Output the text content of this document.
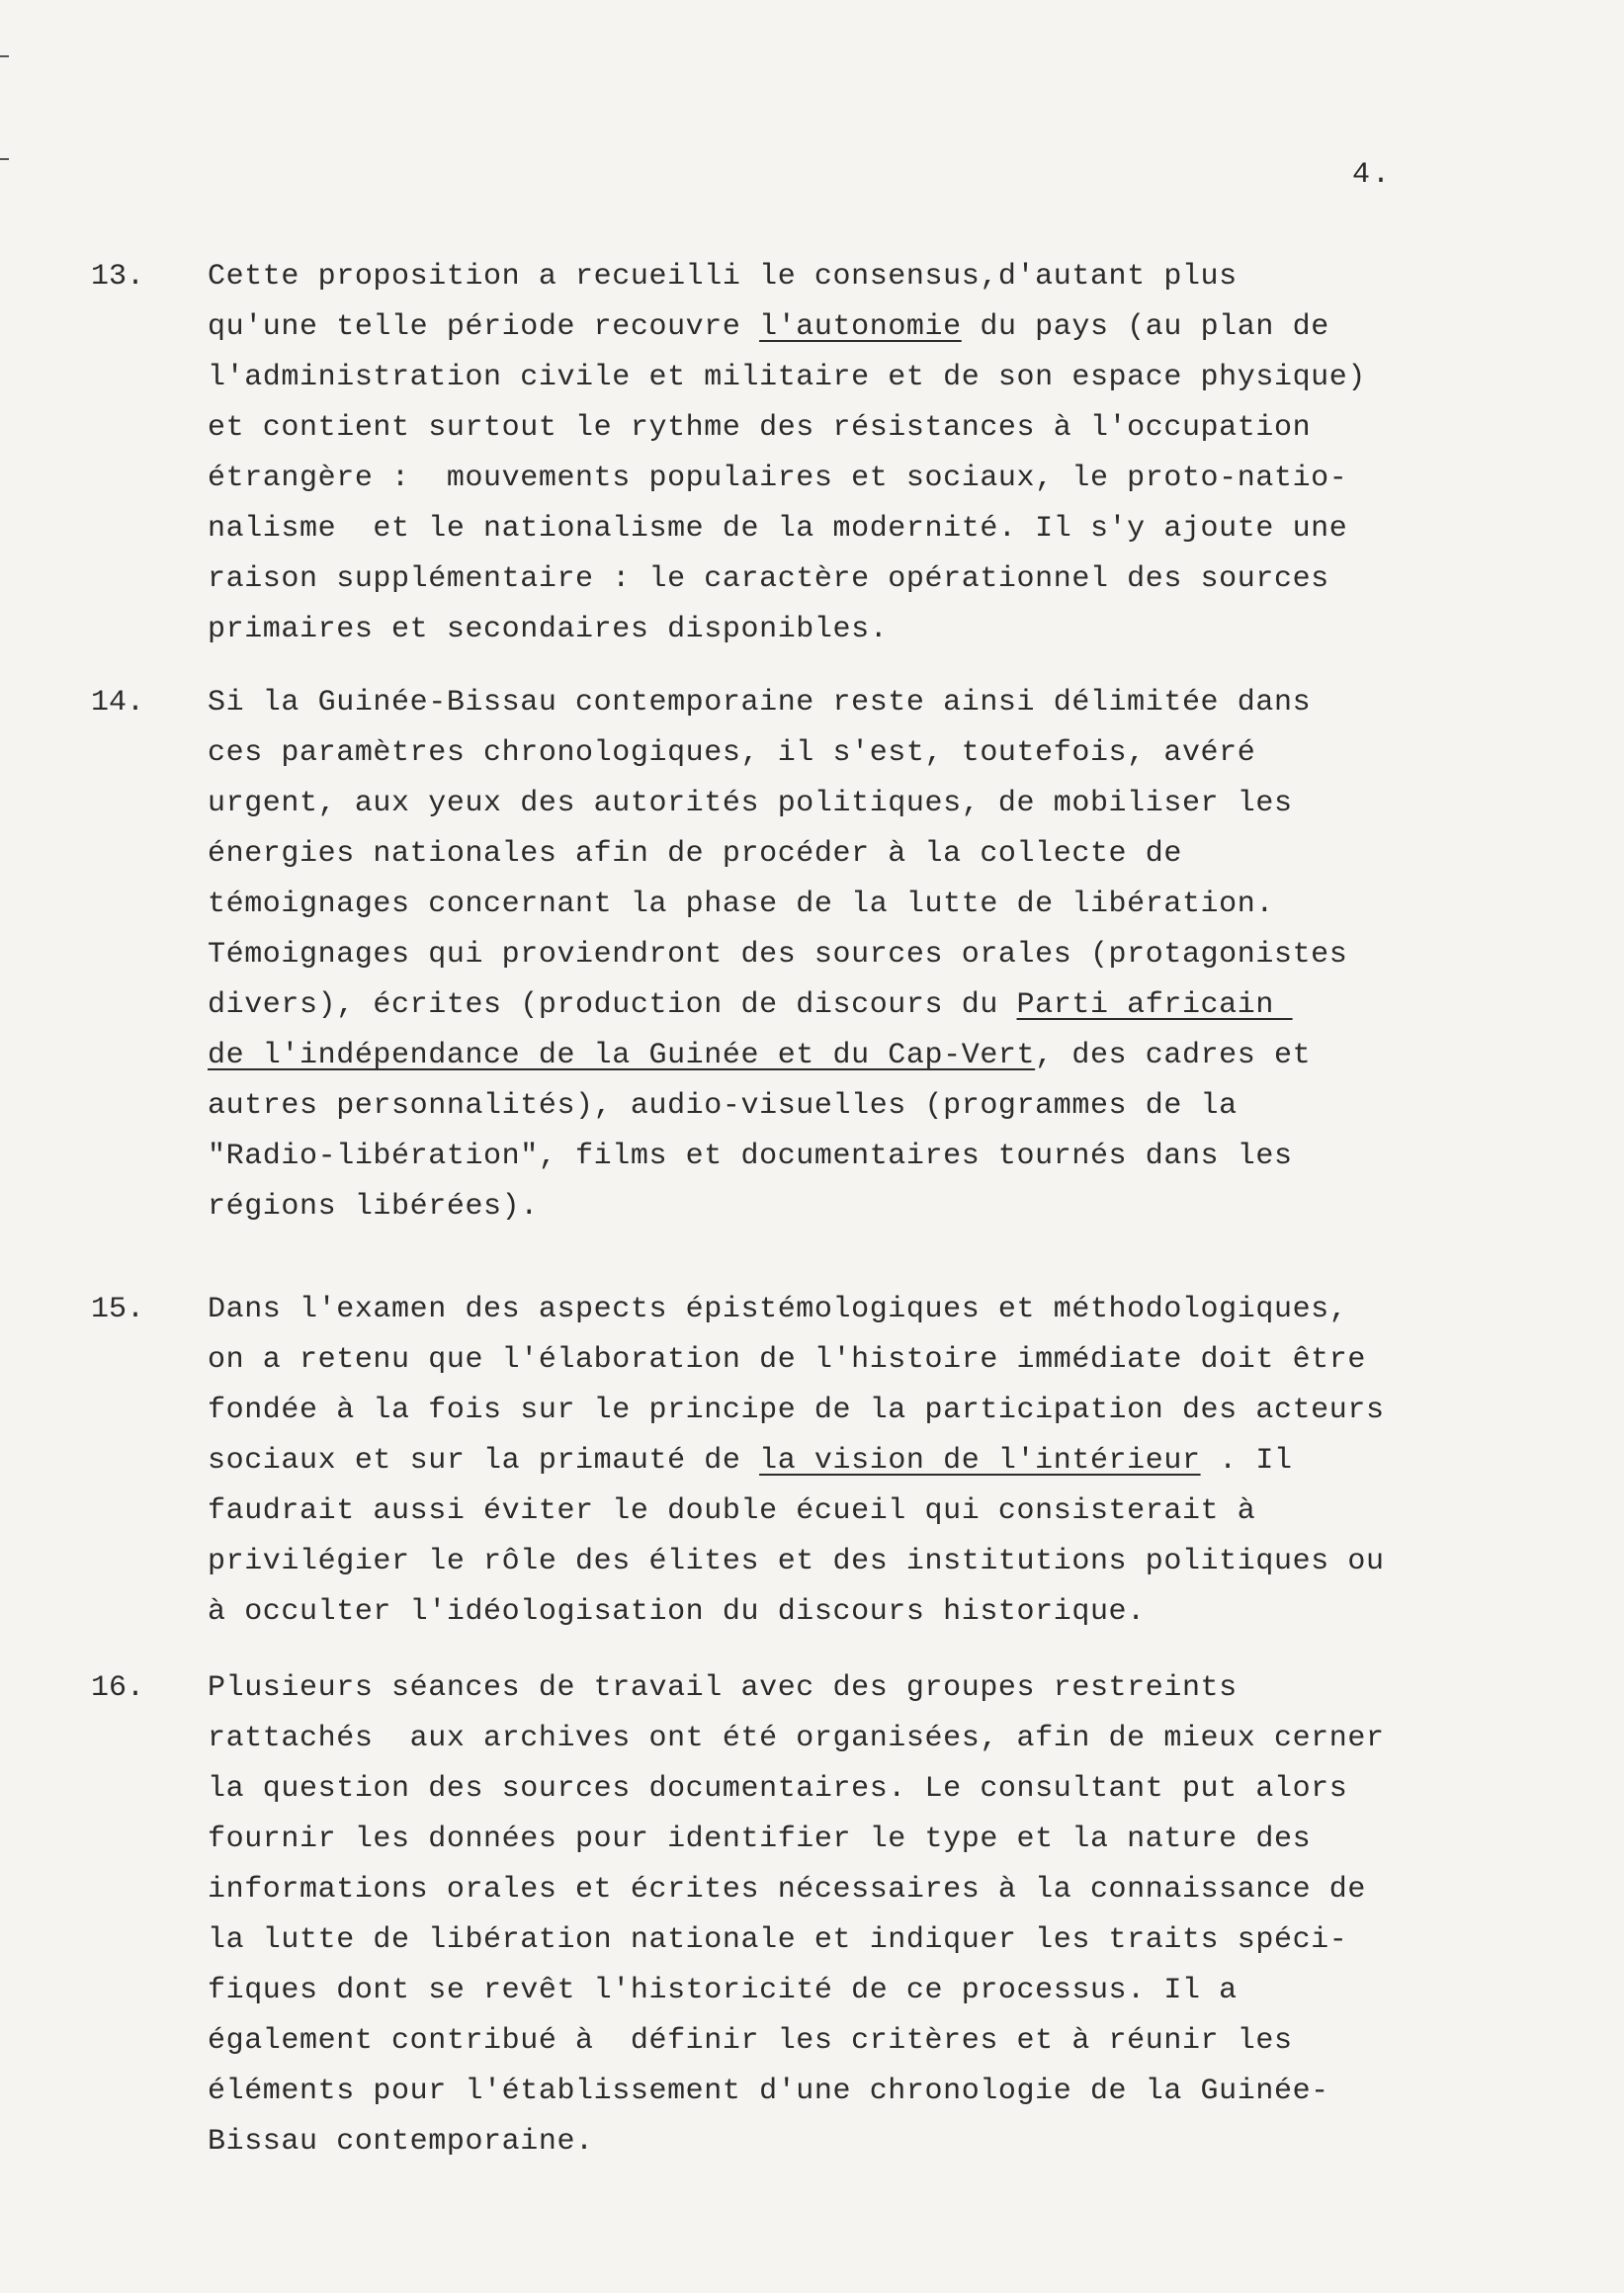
4.
13. Cette proposition a recueilli le consensus,d'autant plus
qu'une telle période recouvre l'autonomie du pays (au plan de
l'administration civile et militaire et de son espace physique)
et contient surtout le rythme des résistances à l'occupation
étrangère :  mouvements populaires et sociaux, le proto-natio-
nalisme  et le nationalisme de la modernité. Il s'y ajoute une
raison supplémentaire : le caractère opérationnel des sources
primaires et secondaires disponibles.
14. Si la Guinée-Bissau contemporaine reste ainsi délimitée dans
ces paramètres chronologiques, il s'est, toutefois, avéré
urgent, aux yeux des autorités politiques, de mobiliser les
énergies nationales afin de procéder à la collecte de
témoignages concernant la phase de la lutte de libération.
Témoignages qui proviendront des sources orales (protagonistes
divers), écrites (production de discours du Parti africain
de l'indépendance de la Guinée et du Cap-Vert, des cadres et
autres personnalités), audio-visuelles (programmes de la
"Radio-libération", films et documentaires tournés dans les
régions libérées).
15. Dans l'examen des aspects épistémologiques et méthodologiques,
on a retenu que l'élaboration de l'histoire immédiate doit être
fondée à la fois sur le principe de la participation des acteurs
sociaux et sur la primauté de la vision de l'intérieur . Il
faudrait aussi éviter le double écueil qui consisterait à
privilégier le rôle des élites et des institutions politiques ou
à occulter l'idéologisation du discours historique.
16. Plusieurs séances de travail avec des groupes restreints
rattachés  aux archives ont été organisées, afin de mieux cerner
la question des sources documentaires. Le consultant put alors
fournir les données pour identifier le type et la nature des
informations orales et écrites nécessaires à la connaissance de
la lutte de libération nationale et indiquer les traits spéci-
fiques dont se revêt l'historicité de ce processus. Il a
également contribué à  définir les critères et à réunir les
éléments pour l'établissement d'une chronologie de la Guinée-
Bissau contemporaine.
